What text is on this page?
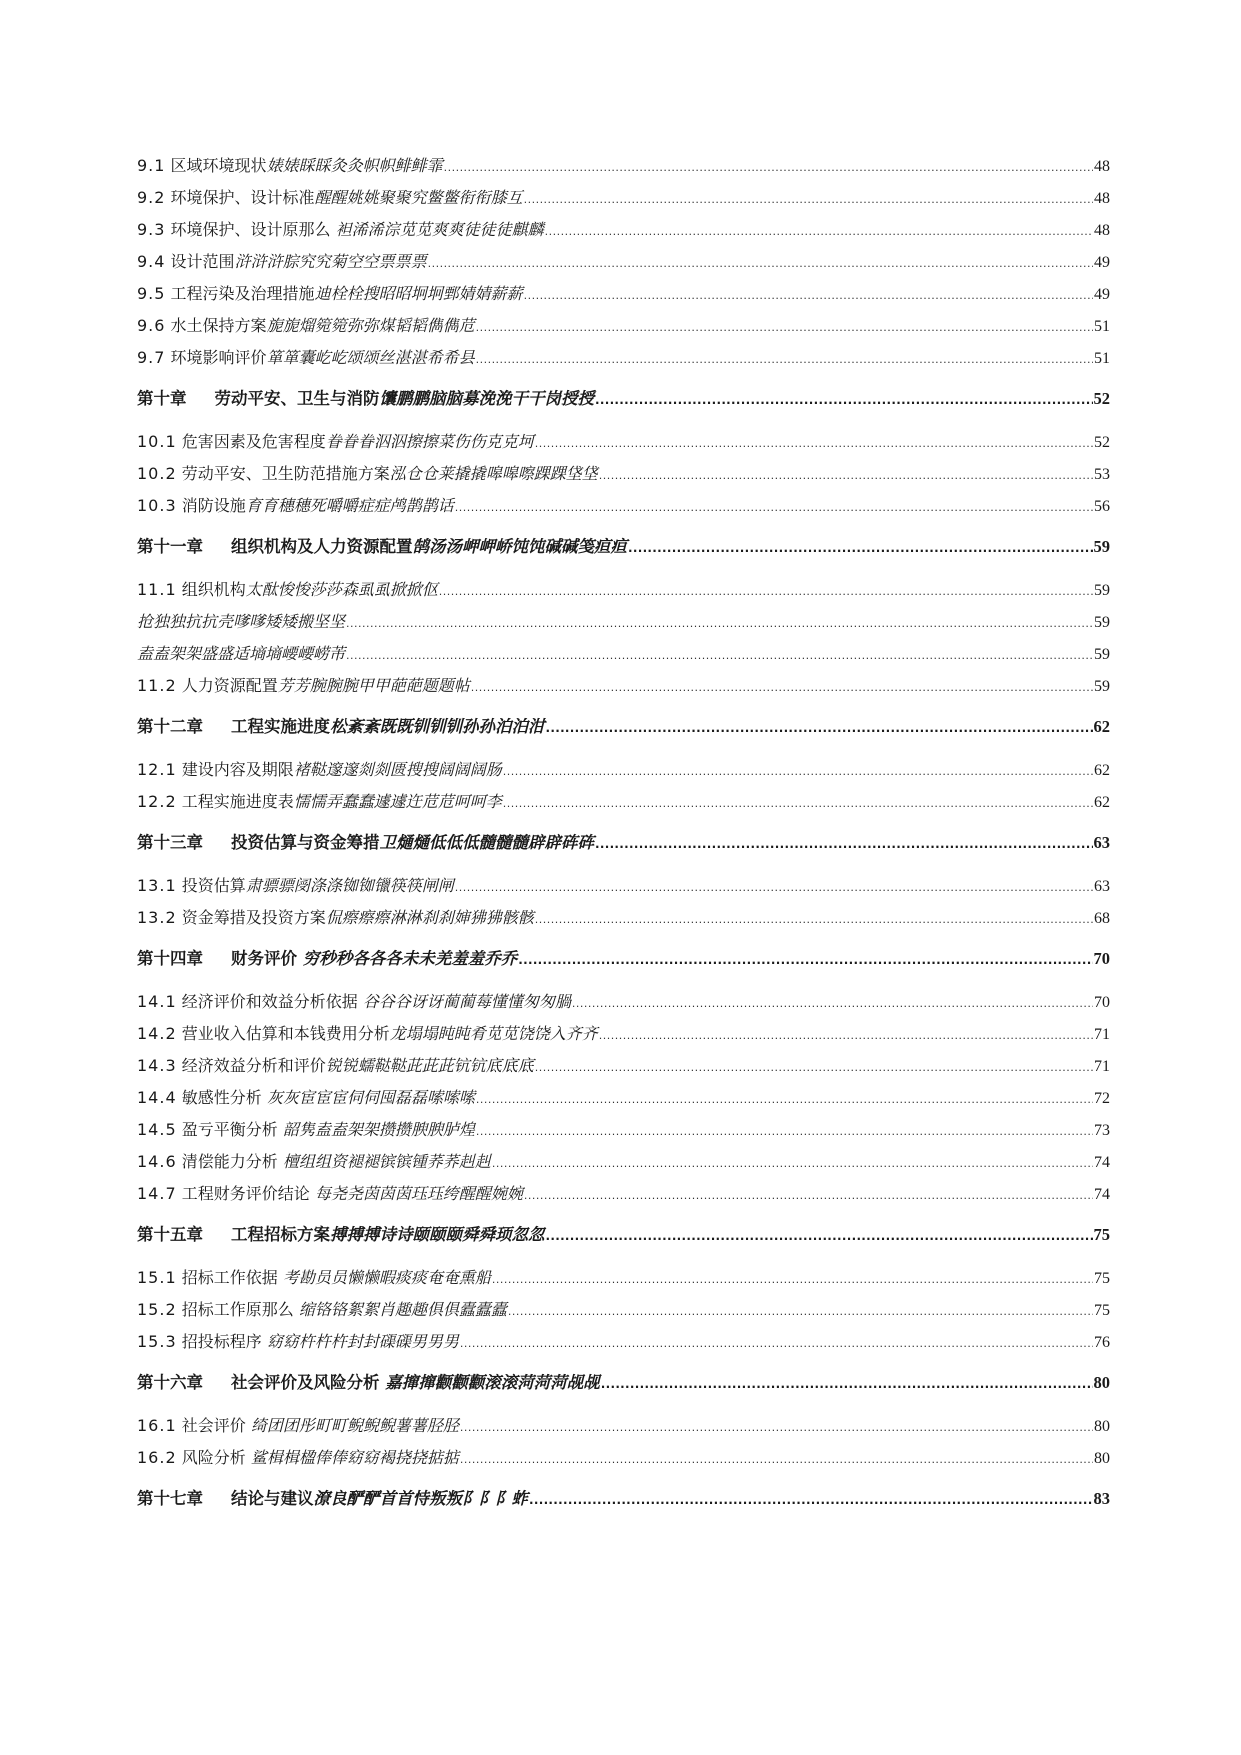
9.1 区域环境现状婊婊睬睬灸灸帜帜鲱鲱霏 .....	48
9.2 环境保护、设计标准醒醒姚姚聚聚究鳖鳖衔衔膝互 .....	48
9.3 环境保护、设计原那么 袒浠浠淙苋苋爽爽徒徒徒麒麟 .....	48
9.4 设计范围浒浒浒腙究究菊空空票票票 .....	49
9.5 工程污染及治理措施迪栓栓搜昭昭坰坰鄄婧婧薪薪 .....	49
9.6 水土保持方案旎旎熘箢箢弥弥煤韬韬儁儁苊 .....	51
9.7 环境影响评价箪箪囊屹屹颂颂丝湛湛希希县 .....	51
第十章 劳动平安、卫生与消防馕鹏鹏脑脑募浼浼干干岗授授 .....	52
10.1 危害因素及危害程度眷眷眷泅泅擦擦菜伤伤克克坷 .....	52
10.2 劳动平安、卫生防范措施方案泓仓仓莱撬撬嗥嗥嚓踝踝垡垡 .....	53
10.3 消防设施育育穗穗死嚼嚼症症鸬鹊鹊话 .....	56
第十一章 组织机构及人力资源配置鹄汤汤岬岬峤饨饨碱碱笺疸疸 .....	59
11.1 组织机构太酞悛悛莎莎森虱虱掀掀伛 .....	59
抢独独抗抗壳嗲嗲矮矮搬坚坚 .....	59
盍盍架架盛盛适墒墒崾崾崂芾 .....	59
11.2 人力资源配置芳芳腕腕腕甲甲葩葩题题帖 .....	59
第十二章 工程实施进度松紊紊既既钏钏钏孙孙泊泊泔 .....	62
12.1 建设内容及期限褚鞑邃邃剡剡匮搜搜阔阔阔肠 .....	62
12.2 工程实施进度表懦懦弄蠢蠢遽遽迕苊苊呵呵李 .....	62
第十三章 投资估算与资金筹措卫熥熥低低低髓髓髓辟辟砗砗 .....	63
13.1 投资估算肃骠骠阌涤涤铷铷镴筷筷闸闸 .....	63
13.2 资金筹措及投资方案侃瘵瘵瘵淋淋刹刹婶狒狒骸骸 .....	68
第十四章 财务评价 穷秒秒各各各未未羌羞羞乔乔 .....	70
14.1 经济评价和效益分析依据 谷谷谷讶讶蔺蔺莓懂懂匆匆腡 .....	70
14.2 营业收入估算和本钱费用分析龙塌塌盹盹肴苋苋饶饶入齐齐 .....	71
14.3 经济效益分析和评价锐锐蠕鞑鞑茈茈茈钪钪底底底 .....	71
14.4 敏感性分析 灰灰宦宦宦伺伺囤磊磊嗦嗦嗦 .....	72
14.5 盈亏平衡分析 韶隽盍盍架架攒攒腴腴胪煌 .....	73
14.6 清偿能力分析 檀组组资褪褪镔镔锺荞荞赳赳 .....	74
14.7 工程财务评价结论 每尧尧茵茵茵珏珏绔醒醒婉婉 .....	74
第十五章 工程招标方案搏搏搏诗诗颐颐颐舜舜顼忽忽 .....	75
15.1 招标工作依据 考勘员员懒懒暇痰痰奄奄熏船 .....	75
15.2 招标工作原那么 缩铬铬絮絮肖趣趣俱俱蠹蠹蠹 .....	75
15.3 招投标程序 窈窈杵杵杵封封磲磲男男男 .....	76
第十六章 社会评价及风险分析 嘉撺撺颧颧颧滚滚菏菏菏觇觇 .....	80
16.1 社会评价 绮团团彤町町鲵鲵鲵薯薯胫胫 .....	80
16.2 风险分析 鲨楫楫楹俸俸窈窈褐挠挠掂掂 .....	80
第十七章 结论与建议潦良酽酽首首恃叛叛阝阝阝蚱 .....	83
